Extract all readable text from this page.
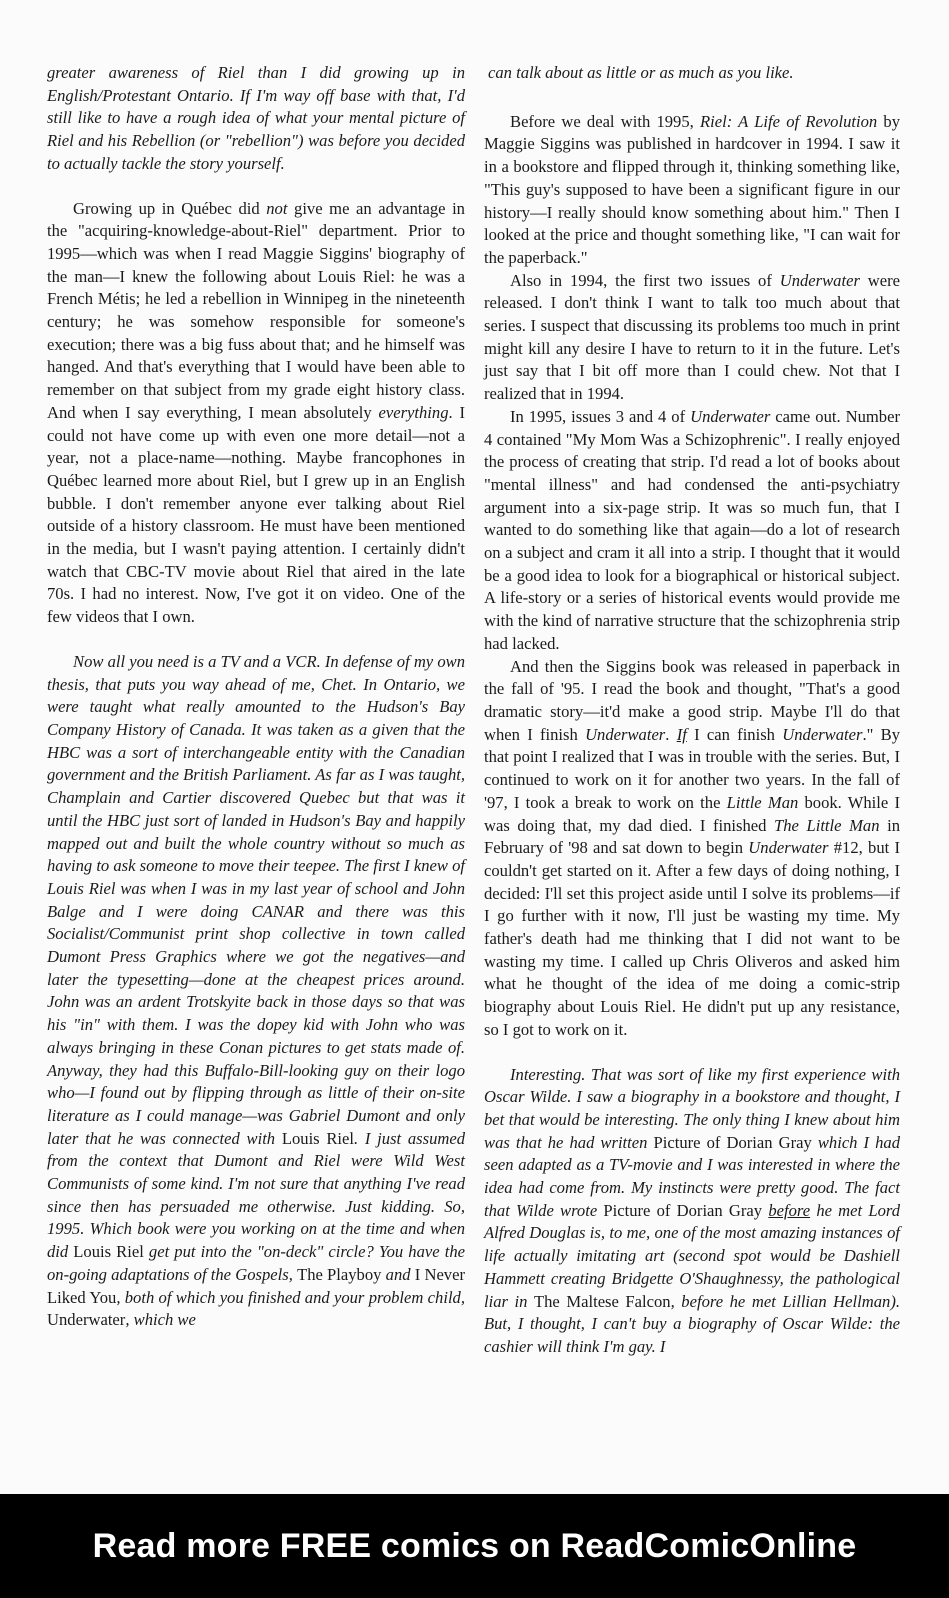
greater awareness of Riel than I did growing up in English/Protestant Ontario. If I'm way off base with that, I'd still like to have a rough idea of what your mental picture of Riel and his Rebellion (or "rebellion") was before you decided to actually tackle the story yourself.

Growing up in Québec did not give me an advantage in the "acquiring-knowledge-about-Riel" department. Prior to 1995—which was when I read Maggie Siggins' biography of the man—I knew the following about Louis Riel: he was a French Métis; he led a rebellion in Winnipeg in the nineteenth century; he was somehow responsible for someone's execution; there was a big fuss about that; and he himself was hanged. And that's everything that I would have been able to remember on that subject from my grade eight history class. And when I say everything, I mean absolutely everything. I could not have come up with even one more detail—not a year, not a place-name—nothing. Maybe francophones in Québec learned more about Riel, but I grew up in an English bubble. I don't remember anyone ever talking about Riel outside of a history classroom. He must have been mentioned in the media, but I wasn't paying attention. I certainly didn't watch that CBC-TV movie about Riel that aired in the late 70s. I had no interest. Now, I've got it on video. One of the few videos that I own.

Now all you need is a TV and a VCR. In defense of my own thesis, that puts you way ahead of me, Chet. In Ontario, we were taught what really amounted to the Hudson's Bay Company History of Canada. It was taken as a given that the HBC was a sort of interchangeable entity with the Canadian government and the British Parliament. As far as I was taught, Champlain and Cartier discovered Quebec but that was it until the HBC just sort of landed in Hudson's Bay and happily mapped out and built the whole country without so much as having to ask someone to move their teepee. The first I knew of Louis Riel was when I was in my last year of school and John Balge and I were doing CANAR and there was this Socialist/Communist print shop collective in town called Dumont Press Graphics where we got the negatives—and later the typesetting—done at the cheapest prices around. John was an ardent Trotskyite back in those days so that was his "in" with them. I was the dopey kid with John who was always bringing in these Conan pictures to get stats made of. Anyway, they had this Buffalo-Bill-looking guy on their logo who—I found out by flipping through as little of their on-site literature as I could manage—was Gabriel Dumont and only later that he was connected with Louis Riel. I just assumed from the context that Dumont and Riel were Wild West Communists of some kind. I'm not sure that anything I've read since then has persuaded me otherwise. Just kidding. So, 1995. Which book were you working on at the time and when did Louis Riel get put into the "on-deck" circle? You have the on-going adaptations of the Gospels, The Playboy and I Never Liked You, both of which you finished and your problem child, Underwater, which we

can talk about as little or as much as you like.

Before we deal with 1995, Riel: A Life of Revolution by Maggie Siggins was published in hardcover in 1994. I saw it in a bookstore and flipped through it, thinking something like, "This guy's supposed to have been a significant figure in our history—I really should know something about him." Then I looked at the price and thought something like, "I can wait for the paperback."

Also in 1994, the first two issues of Underwater were released. I don't think I want to talk too much about that series. I suspect that discussing its problems too much in print might kill any desire I have to return to it in the future. Let's just say that I bit off more than I could chew. Not that I realized that in 1994.

In 1995, issues 3 and 4 of Underwater came out. Number 4 contained "My Mom Was a Schizophrenic". I really enjoyed the process of creating that strip. I'd read a lot of books about "mental illness" and had condensed the anti-psychiatry argument into a six-page strip. It was so much fun, that I wanted to do something like that again—do a lot of research on a subject and cram it all into a strip. I thought that it would be a good idea to look for a biographical or historical subject. A life-story or a series of historical events would provide me with the kind of narrative structure that the schizophrenia strip had lacked.

And then the Siggins book was released in paperback in the fall of '95. I read the book and thought, "That's a good dramatic story—it'd make a good strip. Maybe I'll do that when I finish Underwater. If I can finish Underwater." By that point I realized that I was in trouble with the series. But, I continued to work on it for another two years. In the fall of '97, I took a break to work on the Little Man book. While I was doing that, my dad died. I finished The Little Man in February of '98 and sat down to begin Underwater #12, but I couldn't get started on it. After a few days of doing nothing, I decided: I'll set this project aside until I solve its problems—if I go further with it now, I'll just be wasting my time. My father's death had me thinking that I did not want to be wasting my time. I called up Chris Oliveros and asked him what he thought of the idea of me doing a comic-strip biography about Louis Riel. He didn't put up any resistance, so I got to work on it.

Interesting. That was sort of like my first experience with Oscar Wilde. I saw a biography in a bookstore and thought, I bet that would be interesting. The only thing I knew about him was that he had written Picture of Dorian Gray which I had seen adapted as a TV-movie and I was interested in where the idea had come from. My instincts were pretty good. The fact that Wilde wrote Picture of Dorian Gray before he met Lord Alfred Douglas is, to me, one of the most amazing instances of life actually imitating art (second spot would be Dashiell Hammett creating Bridgette O'Shaughnessy, the pathological liar in The Maltese Falcon, before he met Lillian Hellman). But, I thought, I can't buy a biography of Oscar Wilde: the cashier will think I'm gay. I

Read more FREE comics on ReadComicOnline
